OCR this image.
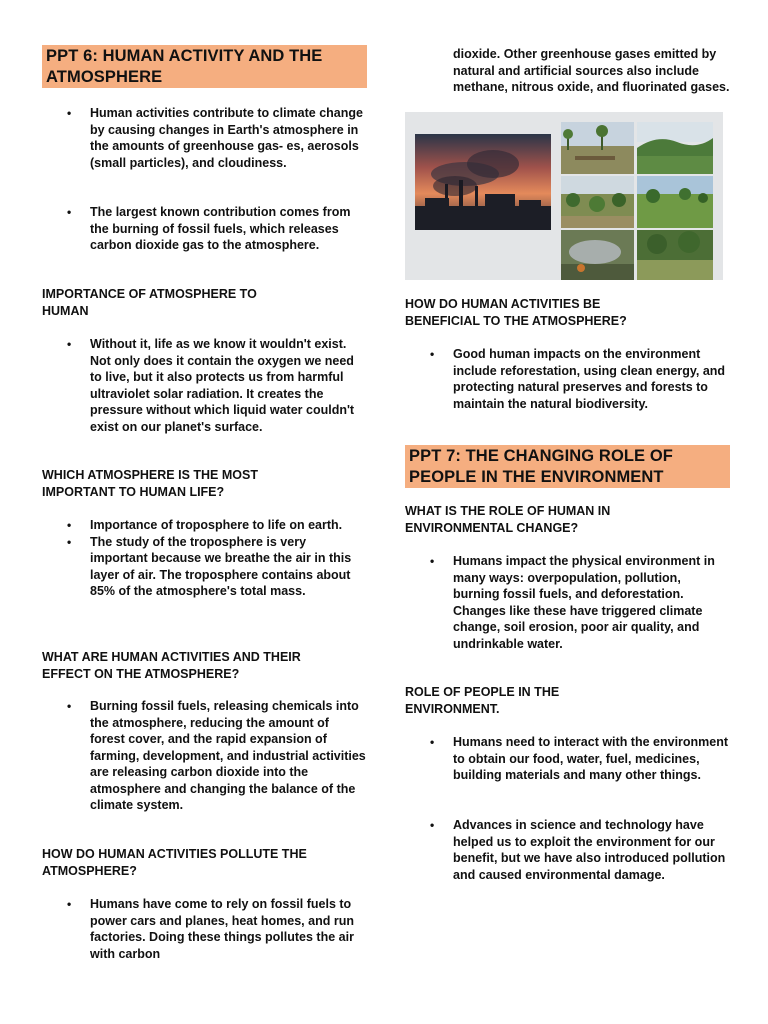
PPT 6: HUMAN ACTIVITY AND THE ATMOSPHERE
• Human activities contribute to climate change by causing changes in Earth's atmosphere in the amounts of greenhouse gas- es, aerosols (small particles), and cloudiness.
• The largest known contribution comes from the burning of fossil fuels, which releases carbon dioxide gas to the atmosphere.

IMPORTANCE OF ATMOSPHERE TO HUMAN

• Without it, life as we know it wouldn't exist. Not only does it contain the oxygen we need to live, but it also protects us from harmful ultraviolet solar radiation. It creates the pressure without which liquid water couldn't exist on our planet's surface.

WHICH ATMOSPHERE IS THE MOST IMPORTANT TO HUMAN LIFE?

• Importance of troposphere to life on earth.
• The study of the troposphere is very important because we breathe the air in this layer of air. The troposphere contains about 85% of the atmosphere's total mass.

WHAT ARE HUMAN ACTIVITIES AND THEIR EFFECT ON THE ATMOSPHERE?

• Burning fossil fuels, releasing chemicals into the atmosphere, reducing the amount of forest cover, and the rapid expansion of farming, development, and industrial activities are releasing carbon dioxide into the atmosphere and changing the balance of the climate system.

HOW DO HUMAN ACTIVITIES POLLUTE THE ATMOSPHERE?

• Humans have come to rely on fossil fuels to power cars and planes, heat homes, and run factories. Doing these things pollutes the air with carbon

dioxide. Other greenhouse gases emitted by natural and artificial sources also include methane, nitrous oxide, and fluorinated gases.

HOW DO HUMAN ACTIVITIES BE BENEFICIAL TO THE ATMOSPHERE?

• Good human impacts on the environment include reforestation, using clean energy, and protecting natural preserves and forests to maintain the natural biodiversity.
PPT 7: THE CHANGING ROLE OF PEOPLE IN THE ENVIRONMENT

WHAT IS THE ROLE OF HUMAN IN ENVIRONMENTAL CHANGE?

• Humans impact the physical environment in many ways: overpopulation, pollution, burning fossil fuels, and deforestation. Changes like these have triggered climate change, soil erosion, poor air quality, and undrinkable water.

ROLE OF PEOPLE IN THE ENVIRONMENT.

• Humans need to interact with the environment to obtain our food, water, fuel, medicines, building materials and many other things.
• Advances in science and technology have helped us to exploit the environment for our benefit, but we have also introduced pollution and caused environmental damage.
